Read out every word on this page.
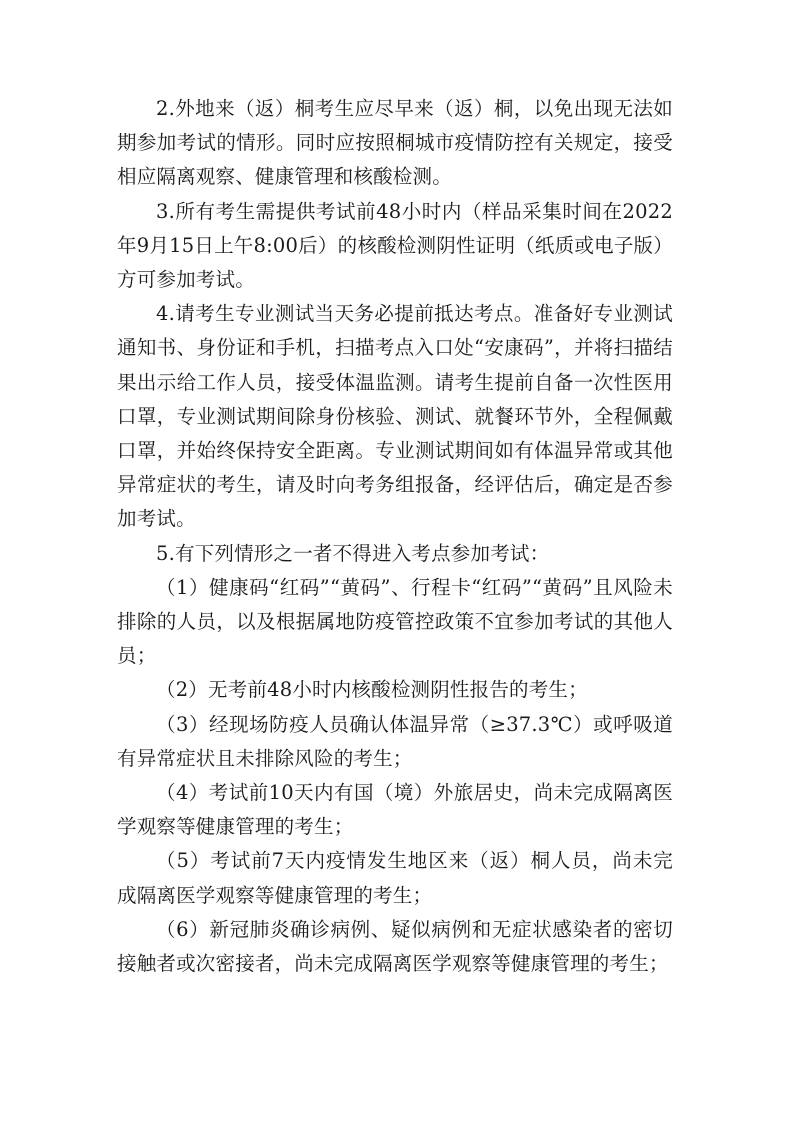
2.外地来（返）桐考生应尽早来（返）桐，以免出现无法如期参加考试的情形。同时应按照桐城市疫情防控有关规定，接受相应隔离观察、健康管理和核酸检测。

3.所有考生需提供考试前48小时内（样品采集时间在2022年9月15日上午8:00后）的核酸检测阴性证明（纸质或电子版）方可参加考试。

4.请考生专业测试当天务必提前抵达考点。准备好专业测试通知书、身份证和手机，扫描考点入口处“安康码”，并将扫描结果出示给工作人员，接受体温监测。请考生提前自备一次性医用口罩，专业测试期间除身份核验、测试、就餐环节外，全程佩戴口罩，并始终保持安全距离。专业测试期间如有体温异常或其他异常症状的考生，请及时向考务组报备，经评估后，确定是否参加考试。

5.有下列情形之一者不得进入考点参加考试：

（1）健康码“红码”“黄码”、行程卡“红码”“黄码”且风险未排除的人员，以及根据属地防疫管控政策不宜参加考试的其他人员；

（2）无考前48小时内核酸检测阴性报告的考生；

（3）经现场防疫人员确认体温异常（≥37.3℃）或呼吸道有异常症状且未排除风险的考生；

（4）考试前10天内有国（境）外旅居史，尚未完成隔离医学观察等健康管理的考生；

（5）考试前7天内疫情发生地区来（返）桐人员，尚未完成隔离医学观察等健康管理的考生；

（6）新冠肺炎确诊病例、疑似病例和无症状感染者的密切接触者或次密接者，尚未完成隔离医学观察等健康管理的考生；
